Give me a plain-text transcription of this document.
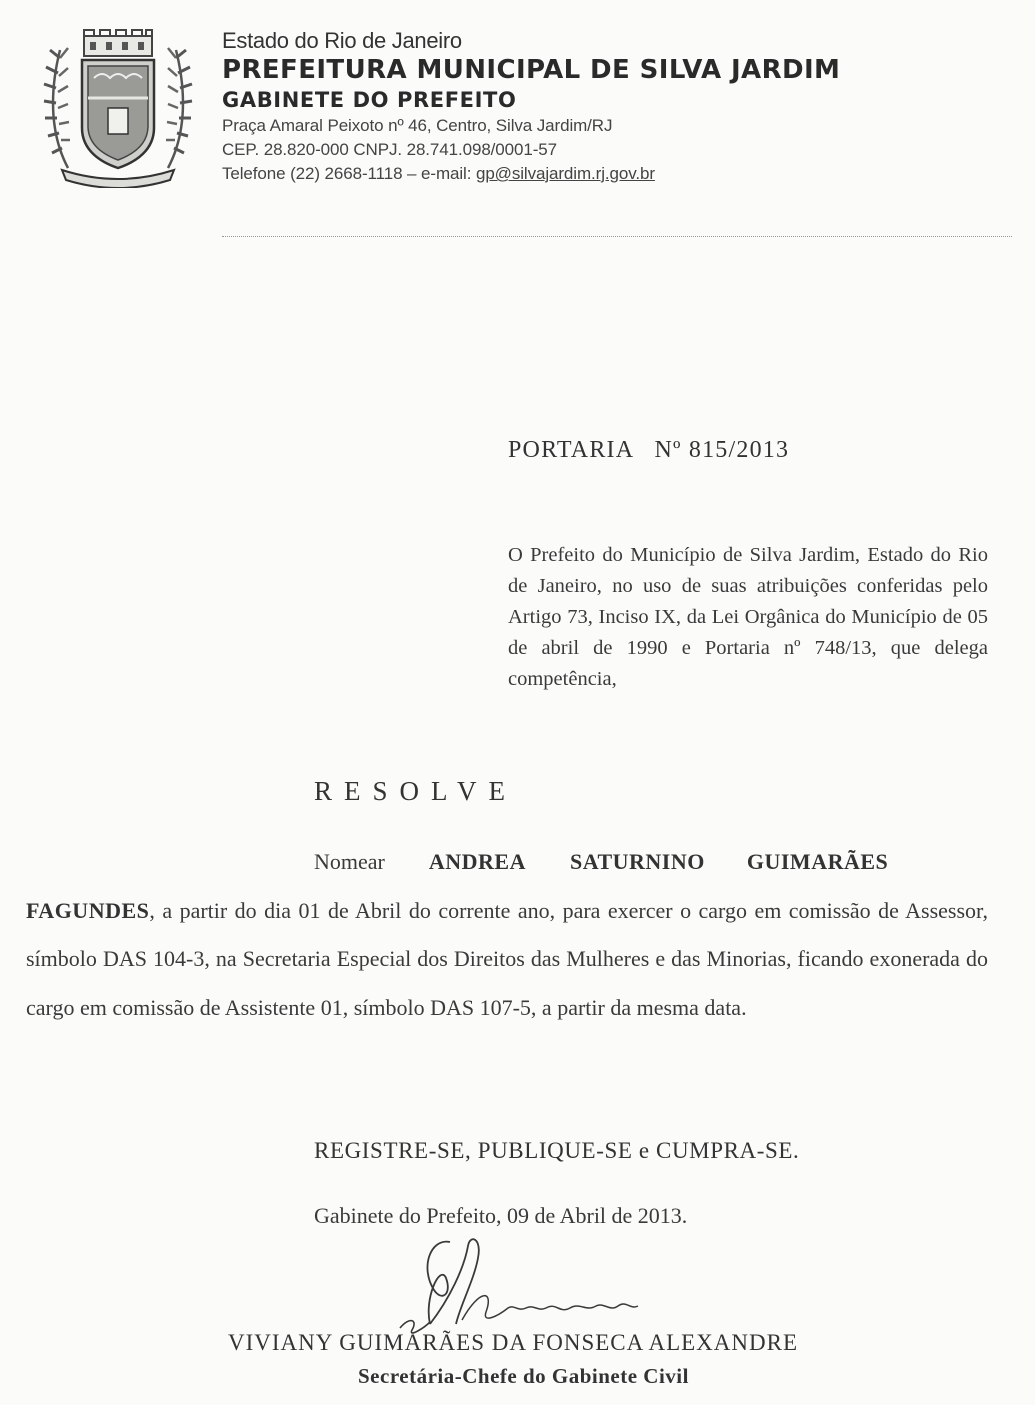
Estado do Rio de Janeiro
PREFEITURA MUNICIPAL DE SILVA JARDIM
GABINETE DO PREFEITO
Praça Amaral Peixoto nº 46, Centro, Silva Jardim/RJ
CEP. 28.820-000 CNPJ. 28.741.098/0001-57
Telefone (22) 2668-1118 – e-mail: gp@silvajardim.rj.gov.br
PORTARIA   Nº 815/2013
O Prefeito do Município de Silva Jardim, Estado do Rio de Janeiro, no uso de suas atribuições conferidas pelo Artigo 73, Inciso IX, da Lei Orgânica do Município de 05 de abril de 1990 e Portaria nº 748/13, que delega competência,
RESOLVE
Nomear ANDREA SATURNINO GUIMARÃES FAGUNDES, a partir do dia 01 de Abril do corrente ano, para exercer o cargo em comissão de Assessor, símbolo DAS 104-3, na Secretaria Especial dos Direitos das Mulheres e das Minorias, ficando exonerada do cargo em comissão de Assistente 01, símbolo DAS 107-5, a partir da mesma data.
REGISTRE-SE, PUBLIQUE-SE e CUMPRA-SE.
Gabinete do Prefeito, 09 de Abril de 2013.
VIVIANY GUIMARÃES DA FONSECA ALEXANDRE
Secretária-Chefe do Gabinete Civil
